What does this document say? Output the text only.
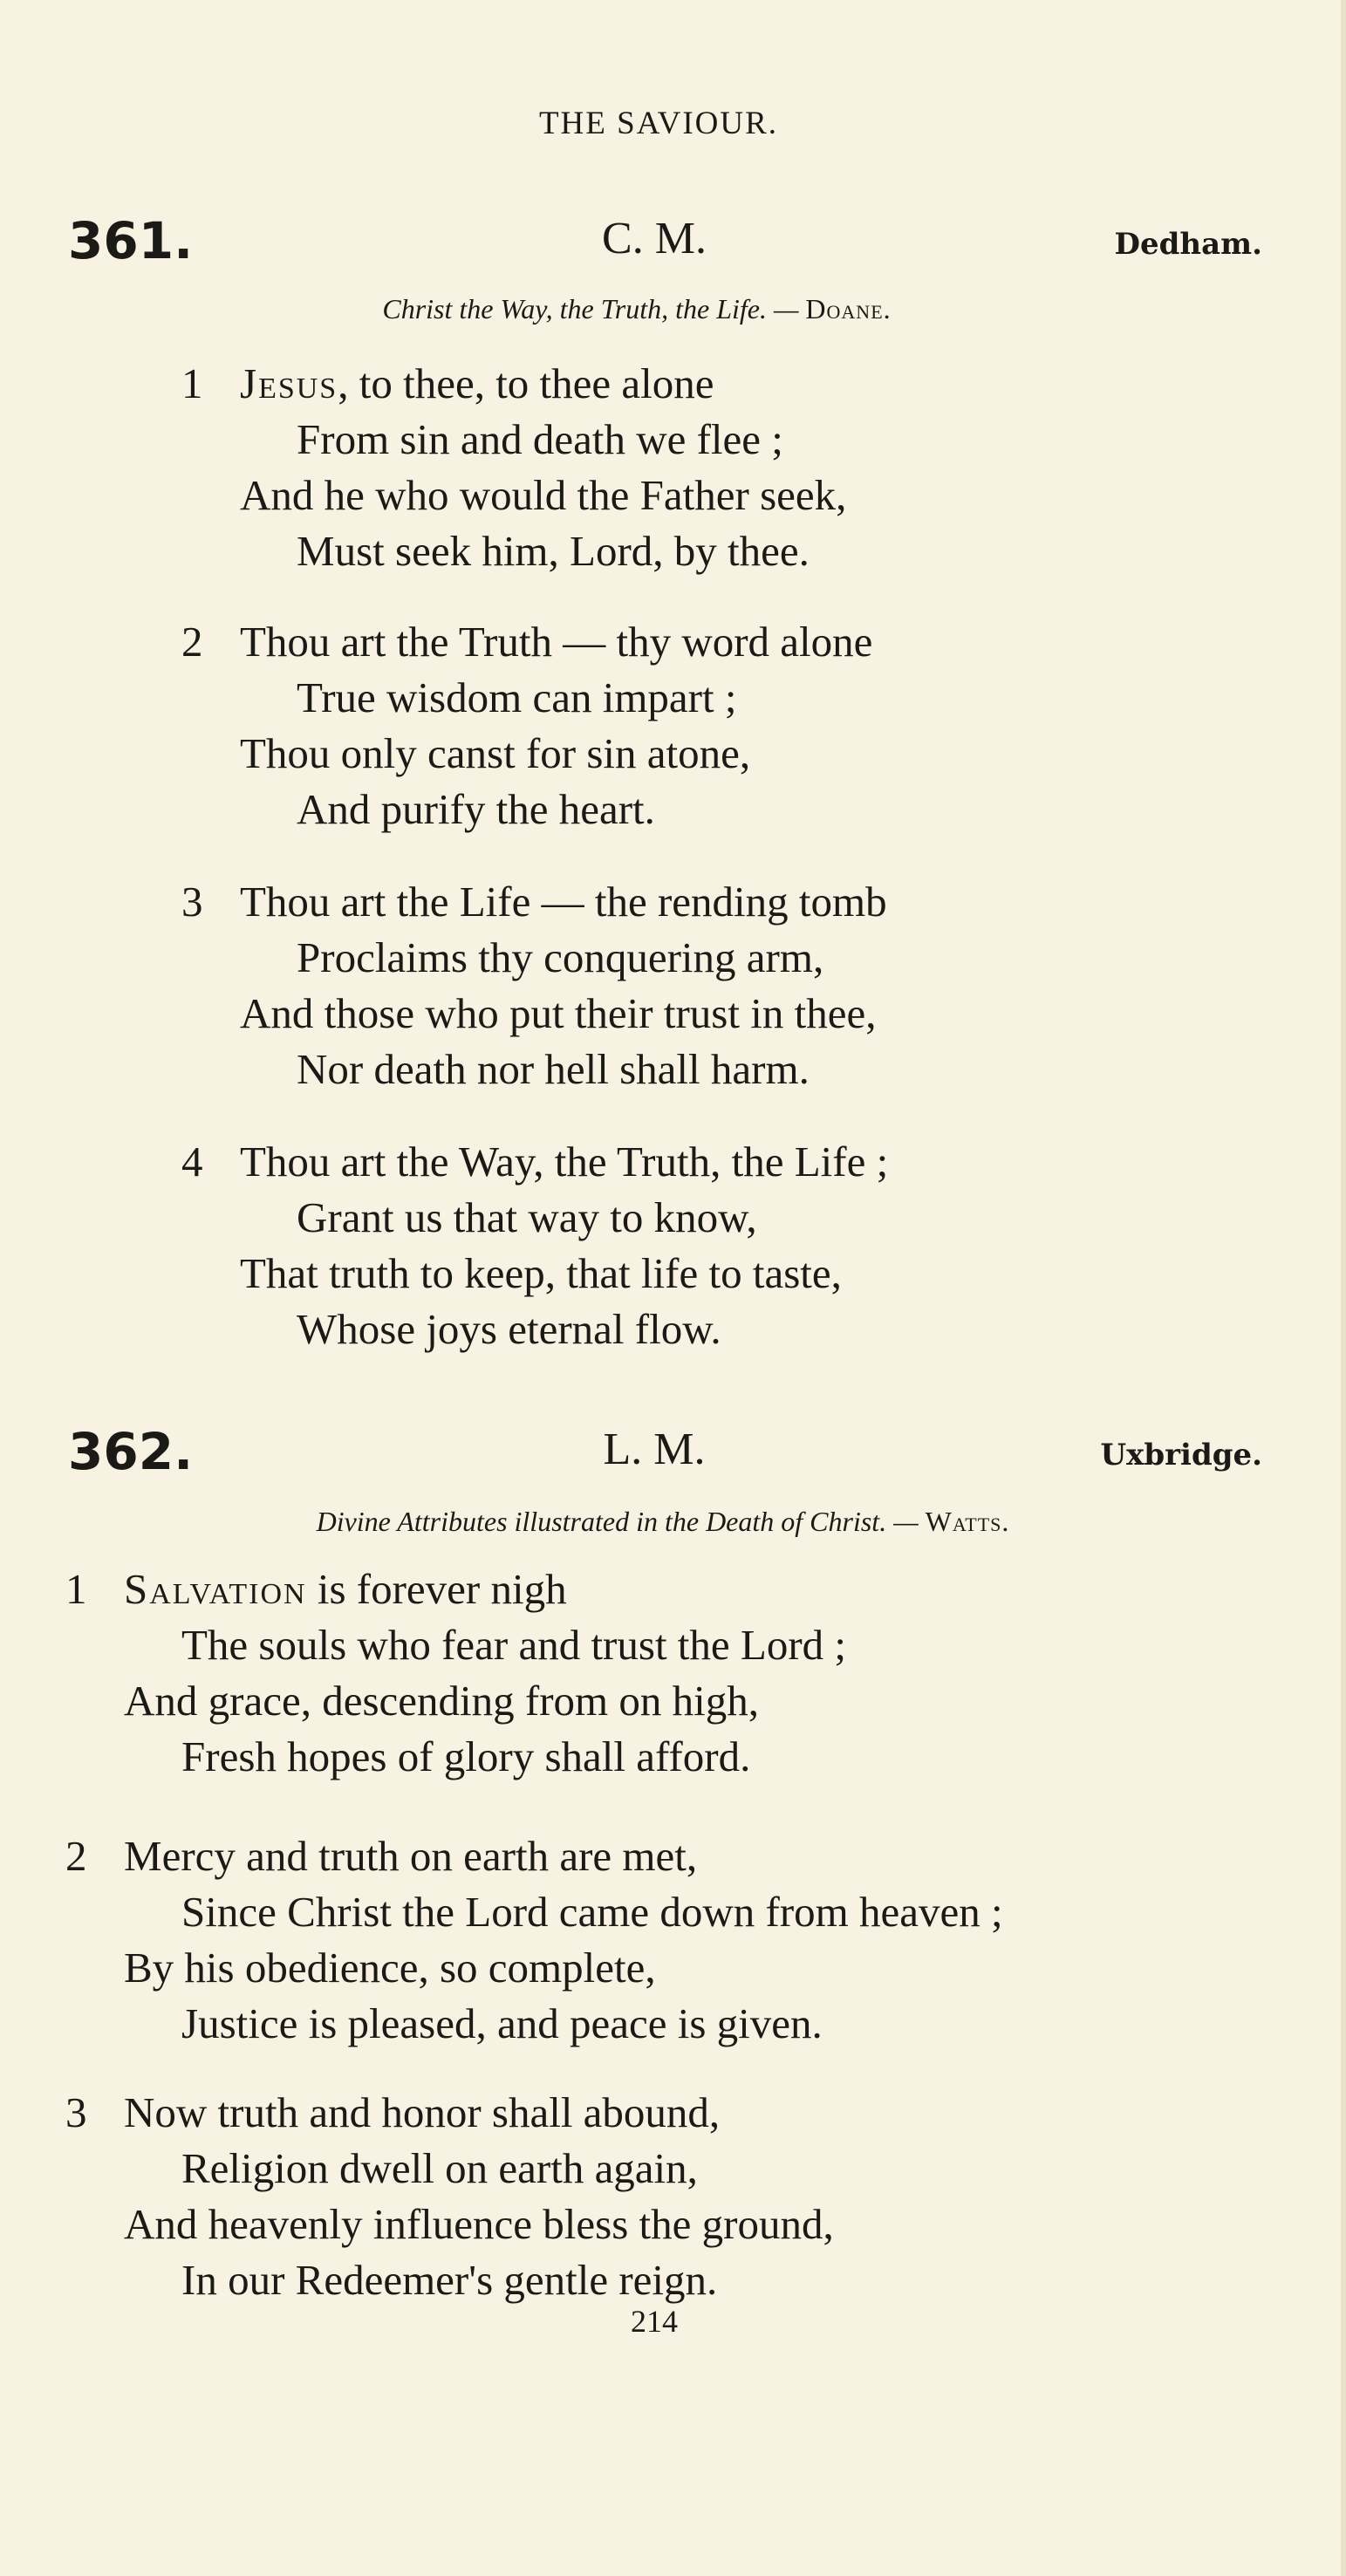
THE SAVIOUR.
361.	C. M.	Dedham.
Christ the Way, the Truth, the Life. — Doane.
1 Jesus, to thee, to thee alone
From sin and death we flee ;
And he who would the Father seek,
Must seek him, Lord, by thee.
2 Thou art the Truth — thy word alone
True wisdom can impart ;
Thou only canst for sin atone,
And purify the heart.
3 Thou art the Life — the rending tomb
Proclaims thy conquering arm,
And those who put their trust in thee,
Nor death nor hell shall harm.
4 Thou art the Way, the Truth, the Life ;
Grant us that way to know,
That truth to keep, that life to taste,
Whose joys eternal flow.
362.	L. M.	Uxbridge.
Divine Attributes illustrated in the Death of Christ. — Watts.
1 Salvation is forever nigh
The souls who fear and trust the Lord ;
And grace, descending from on high,
Fresh hopes of glory shall afford.
2 Mercy and truth on earth are met,
Since Christ the Lord came down from heaven ;
By his obedience, so complete,
Justice is pleased, and peace is given.
3 Now truth and honor shall abound,
Religion dwell on earth again,
And heavenly influence bless the ground,
In our Redeemer's gentle reign.
214
